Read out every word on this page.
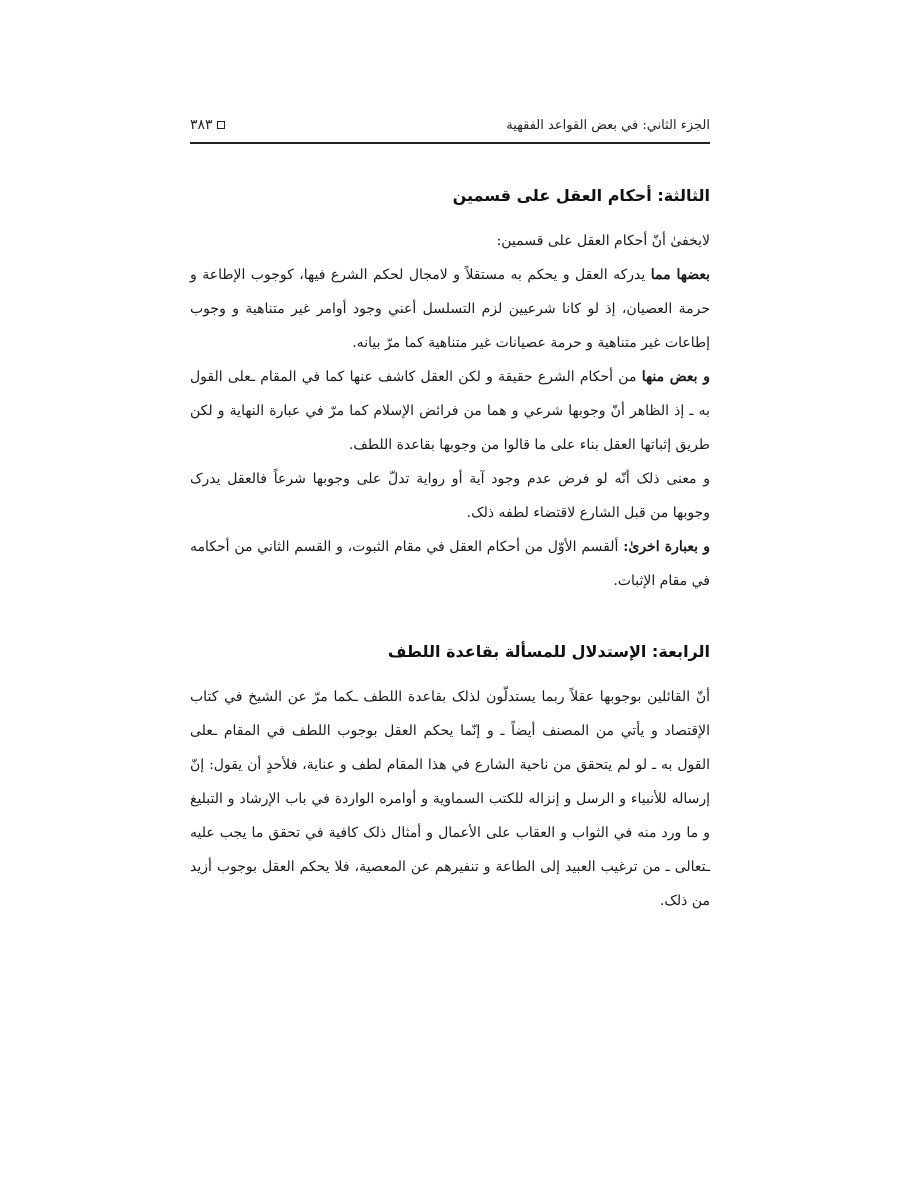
الجزء الثاني: في بعض القواعد الفقهية
٣٨٣
الثالثة: أحكام العقل على قسمين

لايخفىٰ أنّ أحكام العقل على قسمين:

بعضها مما يدركه العقل و يحكم به مستقلاً و لامجال لحكم الشرع فيها، كوجوب الإطاعة و حرمة العصيان، إذ لو كانا شرعيين لزم التسلسل أعني وجود أوامر غير متناهية و وجوب إطاعات غير متناهية و حرمة عصيانات غير متناهية كما مرّ بيانه.

و بعض منها من أحكام الشرع حقيقة و لكن العقل كاشف عنها كما في المقام ـعلى القول به ـ إذ الظاهر أنّ وجوبها شرعي و هما من فرائض الإسلام كما مرّ في عبارة النهاية و لكن طريق إثباتها العقل بناء على ما قالوا من وجوبها بقاعدة اللطف.

و معنى ذلک أنّه لو فرض عدم وجود آية أو رواية تدلّ على وجوبها شرعاً فالعقل يدرک وجوبها من قبل الشارع لاقتضاء لطفه ذلک.

و بعبارة اخرىٰ: ألقسم الأوّل من أحكام العقل في مقام الثبوت، و القسم الثاني من أحكامه في مقام الإثبات.

الرابعة: الإستدلال للمسألة بقاعدة اللطف

أنّ القائلين بوجوبها عقلاً ربما يستدلّون لذلک بقاعدة اللطف ـكما مرّ عن الشيخ في كتاب الإقتصاد و يأتي من المصنف أيضاً ـ و إنّما يحكم العقل بوجوب اللطف في المقام ـعلى القول به ـ لو لم يتحقق من ناحية الشارع في هذا المقام لطف و عناية، فلأحدٍ أن يقول: إنّ إرساله للأنبياء و الرسل و إنزاله للكتب السماوية و أوامره الواردة في باب الإرشاد و التبليغ و ما ورد منه في الثواب و العقاب على الأعمال و أمثال ذلک كافية في تحقق ما يجب عليه ـتعالى ـ من ترغيب العبيد إلى الطاعة و تنفيرهم عن المعصية، فلا يحكم العقل بوجوب أزيد من ذلک.
